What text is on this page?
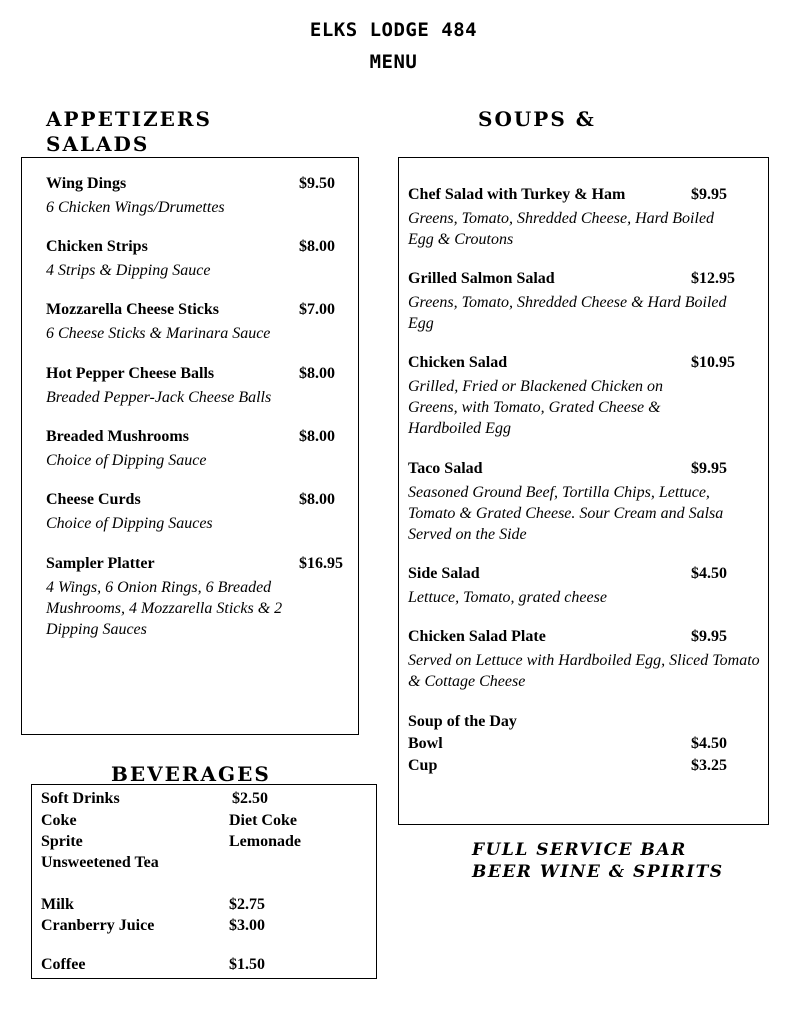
ELKS LODGE 484
MENU
APPETIZERS
SALADS
SOUPS &
Wing Dings	$9.50
6 Chicken Wings/Drumettes
Chicken Strips	$8.00
4 Strips & Dipping Sauce
Mozzarella Cheese Sticks	$7.00
6 Cheese Sticks & Marinara Sauce
Hot Pepper Cheese Balls	$8.00
Breaded Pepper-Jack Cheese Balls
Breaded Mushrooms	$8.00
Choice of Dipping Sauce
Cheese Curds	$8.00
Choice of Dipping Sauces
Sampler Platter	$16.95
4 Wings, 6 Onion Rings, 6 Breaded Mushrooms, 4 Mozzarella Sticks & 2 Dipping Sauces
Chef Salad with Turkey & Ham	$9.95
Greens, Tomato, Shredded Cheese, Hard Boiled Egg & Croutons
Grilled Salmon Salad	$12.95
Greens, Tomato, Shredded Cheese & Hard Boiled Egg
Chicken Salad	$10.95
Grilled, Fried or Blackened Chicken on Greens, with Tomato, Grated Cheese & Hardboiled Egg
Taco Salad	$9.95
Seasoned Ground Beef, Tortilla Chips, Lettuce, Tomato & Grated Cheese. Sour Cream and Salsa Served on the Side
Side Salad	$4.50
Lettuce, Tomato, grated cheese
Chicken Salad Plate	$9.95
Served on Lettuce with Hardboiled Egg, Sliced Tomato & Cottage Cheese
Soup of the Day
Bowl	$4.50
Cup	$3.25
BEVERAGES
Soft Drinks	$2.50
Coke	Diet Coke
Sprite	Lemonade
Unsweetened Tea
Milk	$2.75
Cranberry Juice	$3.00
Coffee	$1.50
FULL SERVICE BAR
BEER WINE & SPIRITS
